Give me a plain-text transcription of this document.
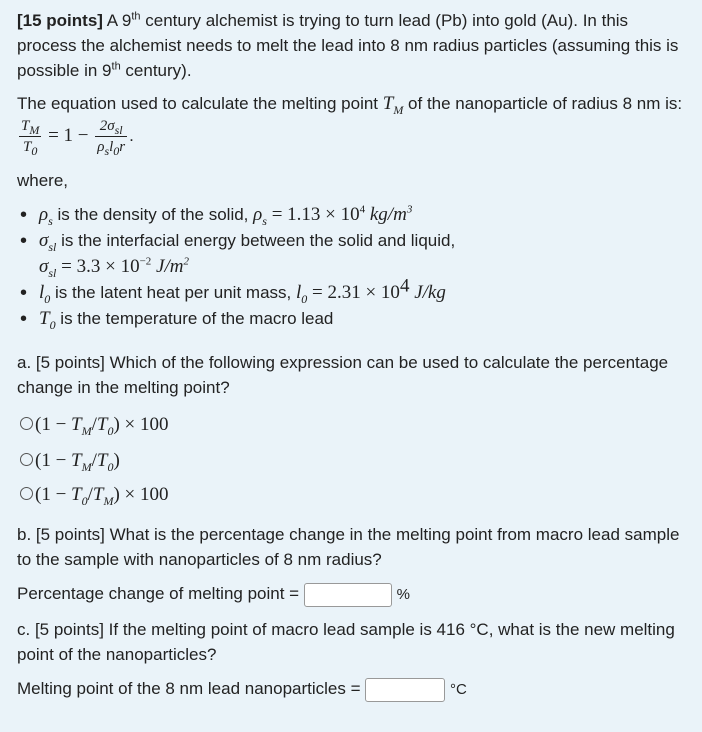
[15 points] A 9th century alchemist is trying to turn lead (Pb) into gold (Au). In this process the alchemist needs to melt the lead into 8 nm radius particles (assuming this is possible in 9th century).
The equation used to calculate the melting point $T_M$ of the nanoparticle of radius 8 nm is:
$\frac{T_M}{T_0} = 1 - \frac{2\sigma_{sl}}{\rho_sl_0r}$ .
where,
• $\rho_s$ is the density of the solid, $\rho_s = 1.13 \times 10^4$ $kg/m^3$
• $\sigma_{sl}$ is the interfacial energy between the solid and liquid,
$\sigma_{sl} = 3.3 \times 10^{-2}$ $J/m^2$
• $l_0$ is the latent heat per unit mass, $l_0 = 2.31 \times 10^4$ J/kg
• $T_0$ is the temperature of the macro lead
a. [5 points] Which of the following expression can be used to calculate the percentage change in the melting point?
$(1 - T_M/T_0) \times 100$
$(1 - T_M/T_0)$
$(1 - T_0/T_M) \times 100$
b. [5 points] What is the percentage change in the melting point from macro lead sample to the sample with nanoparticles of 8 nm radius?
Percentage change of melting point =	%
c. [5 points] If the melting point of macro lead sample is 416 °C, what is the new melting point of the nanoparticles?
Melting point of the 8 nm lead nanoparticles =	°C
